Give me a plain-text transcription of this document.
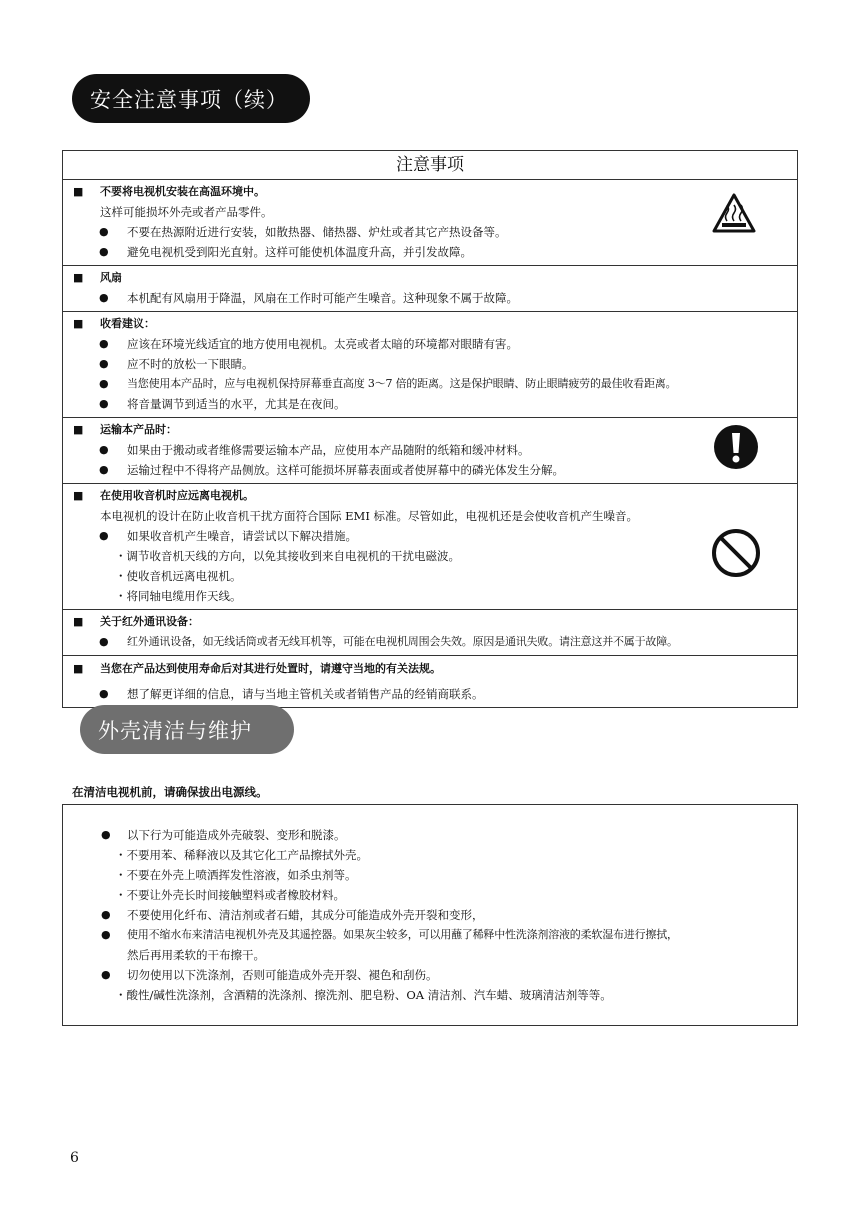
安全注意事项（续）
注意事项
■ 不要将电视机安装在高温环境中。
这样可能损坏外壳或者产品零件。
● 不要在热源附近进行安装，如散热器、储热器、炉灶或者其它产热设备等。
● 避免电视机受到阳光直射。这样可能使机体温度升高，并引发故障。
■ 风扇
● 本机配有风扇用于降温，风扇在工作时可能产生噪音。这种现象不属于故障。
■ 收看建议：
● 应该在环境光线适宜的地方使用电视机。太亮或者太暗的环境都对眼睛有害。
● 应不时的放松一下眼睛。
● 当您使用本产品时，应与电视机保持屏幕垂直高度 3～7 倍的距离。这是保护眼睛、防止眼睛疲劳的最佳收看距离。
● 将音量调节到适当的水平，尤其是在夜间。
■ 运输本产品时：
● 如果由于搬动或者维修需要运输本产品，应使用本产品随附的纸箱和缓冲材料。
● 运输过程中不得将产品侧放。这样可能损坏屏幕表面或者使屏幕中的磷光体发生分解。
■ 在使用收音机时应远离电视机。
本电视机的设计在防止收音机干扰方面符合国际 EMI 标准。尽管如此，电视机还是会使收音机产生噪音。
● 如果收音机产生噪音，请尝试以下解决措施。
・调节收音机天线的方向，以免其接收到来自电视机的干扰电磁波。
・使收音机远离电视机。
・将同轴电缆用作天线。
■ 关于红外通讯设备：
● 红外通讯设备，如无线话筒或者无线耳机等，可能在电视机周围会失效。原因是通讯失败。请注意这并不属于故障。
■ 当您在产品达到使用寿命后对其进行处置时，请遵守当地的有关法规。
● 想了解更详细的信息，请与当地主管机关或者销售产品的经销商联系。
外壳清洁与维护
在清洁电视机前，请确保拔出电源线。
● 以下行为可能造成外壳破裂、变形和脱漆。
・不要用苯、稀释液以及其它化工产品擦拭外壳。
・不要在外壳上喷洒挥发性溶液，如杀虫剂等。
・不要让外壳长时间接触塑料或者橡胶材料。
● 不要使用化纤布、清洁剂或者石蜡，其成分可能造成外壳开裂和变形，
● 使用不缩水布来清洁电视机外壳及其遥控器。如果灰尘较多，可以用蘸了稀释中性洗涤剂溶液的柔软湿布进行擦拭，
然后再用柔软的干布擦干。
● 切勿使用以下洗涤剂，否则可能造成外壳开裂、褪色和刮伤。
・酸性/碱性洗涤剂，含酒精的洗涤剂、擦洗剂、肥皂粉、OA 清洁剂、汽车蜡、玻璃清洁剂等等。
6
